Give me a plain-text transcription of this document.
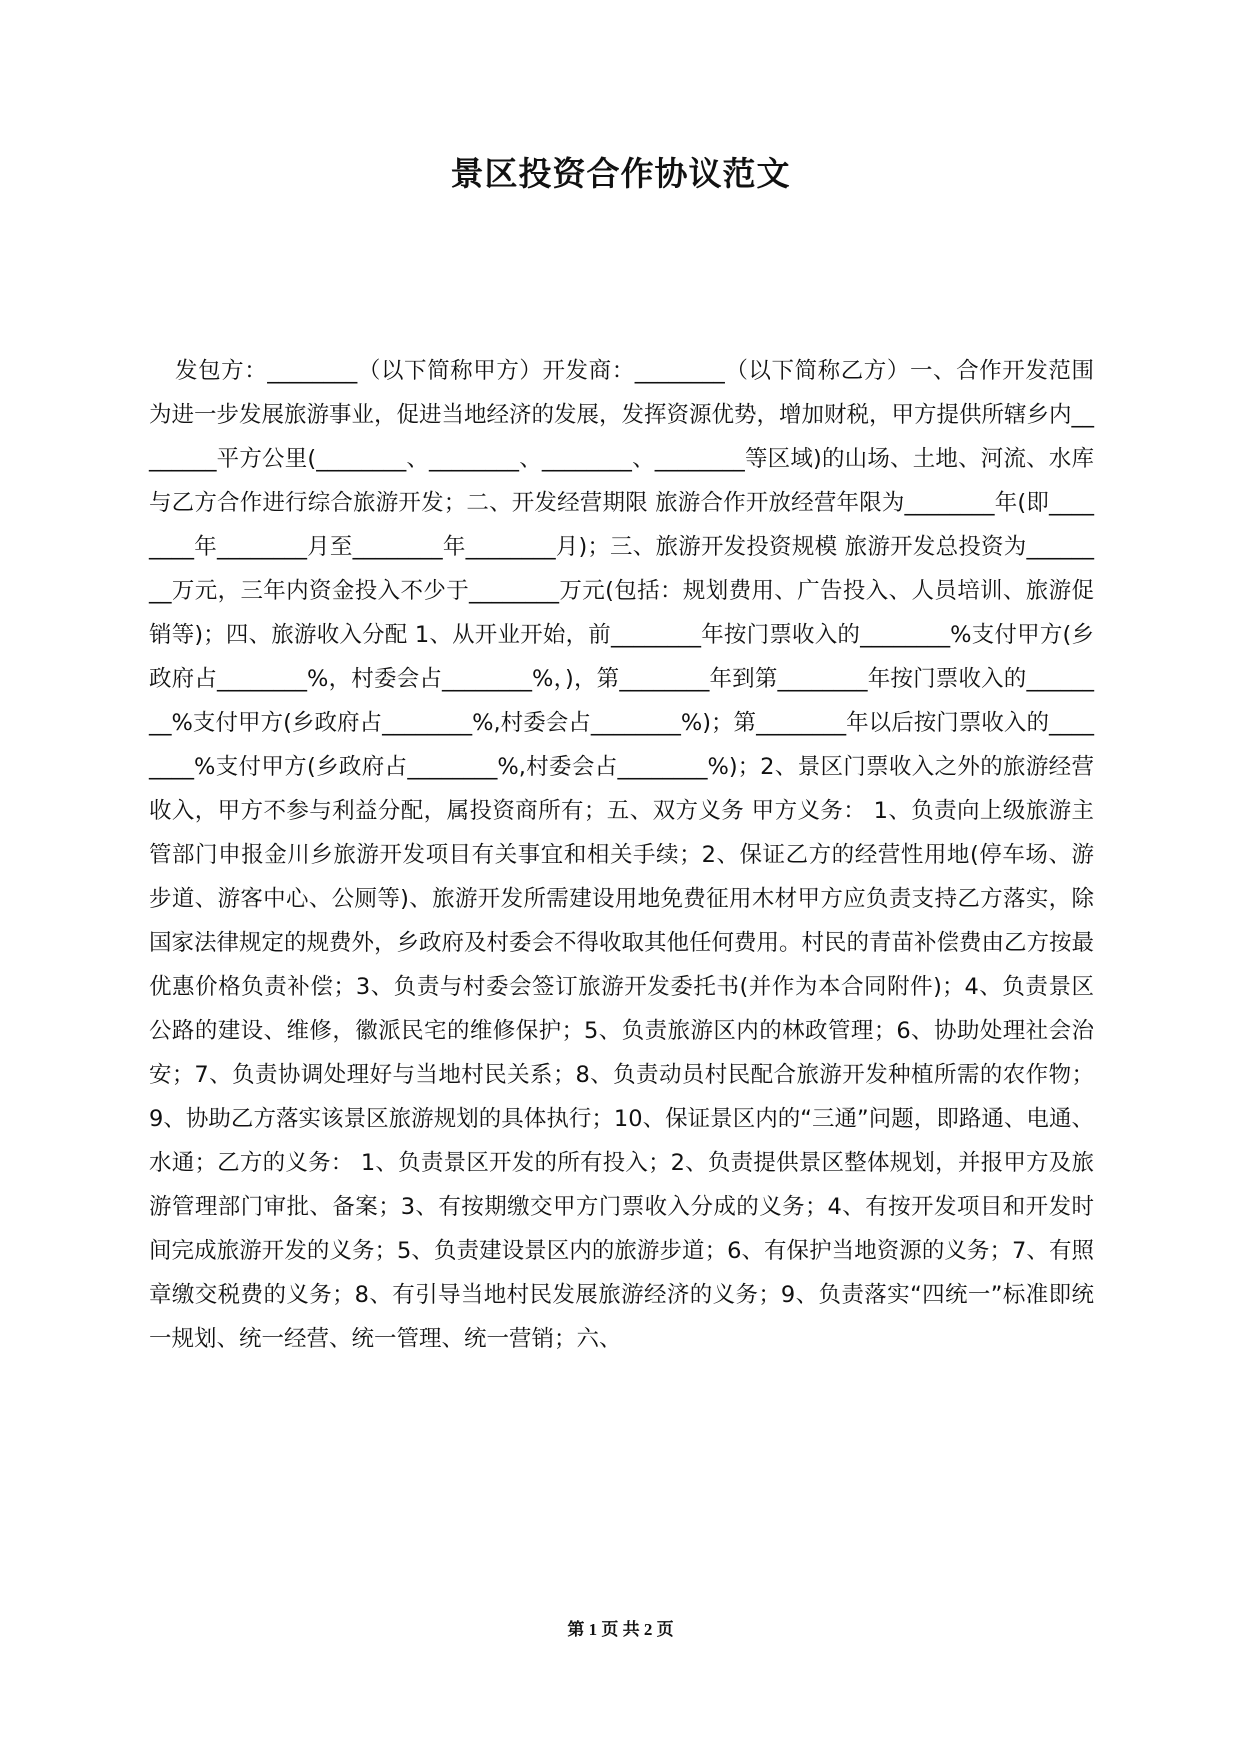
景区投资合作协议范文

发包方：________（以下简称甲方）开发商：________（以下简称乙方）一、合作开发范围 为进一步发展旅游事业，促进当地经济的发展，发挥资源优势，增加财税，甲方提供所辖乡内________平方公里(________、________、________、________等区域)的山场、土地、河流、水库与乙方合作进行综合旅游开发；二、开发经营期限 旅游合作开放经营年限为________年(即________年________月至________年________月)；三、旅游开发投资规模 旅游开发总投资为________万元，三年内资金投入不少于________万元(包括：规划费用、广告投入、人员培训、旅游促销等)；四、旅游收入分配 1、从开业开始，前________年按门票收入的________%支付甲方(乡政府占________%，村委会占________%，)，第________年到第________年按门票收入的________%支付甲方(乡政府占________%,村委会占________%)；第________年以后按门票收入的________%支付甲方(乡政府占________%,村委会占________%)；2、景区门票收入之外的旅游经营收入，甲方不参与利益分配，属投资商所有；五、双方义务 甲方义务： 1、负责向上级旅游主管部门申报金川乡旅游开发项目有关事宜和相关手续；2、保证乙方的经营性用地(停车场、游步道、游客中心、公厕等)、旅游开发所需建设用地免费征用木材甲方应负责支持乙方落实，除国家法律规定的规费外，乡政府及村委会不得收取其他任何费用。村民的青苗补偿费由乙方按最优惠价格负责补偿；3、负责与村委会签订旅游开发委托书(并作为本合同附件)；4、负责景区公路的建设、维修，徽派民宅的维修保护；5、负责旅游区内的林政管理；6、协助处理社会治安；7、负责协调处理好与当地村民关系；8、负责动员村民配合旅游开发种植所需的农作物；9、协助乙方落实该景区旅游规划的具体执行；10、保证景区内的“三通”问题，即路通、电通、水通；乙方的义务： 1、负责景区开发的所有投入；2、负责提供景区整体规划，并报甲方及旅游管理部门审批、备案；3、有按期缴交甲方门票收入分成的义务；4、有按开发项目和开发时间完成旅游开发的义务；5、负责建设景区内的旅游步道；6、有保护当地资源的义务；7、有照章缴交税费的义务；8、有引导当地村民发展旅游经济的义务；9、负责落实“四统一”标准即统一规划、统一经营、统一管理、统一营销；六、

第 1 页 共 2 页
